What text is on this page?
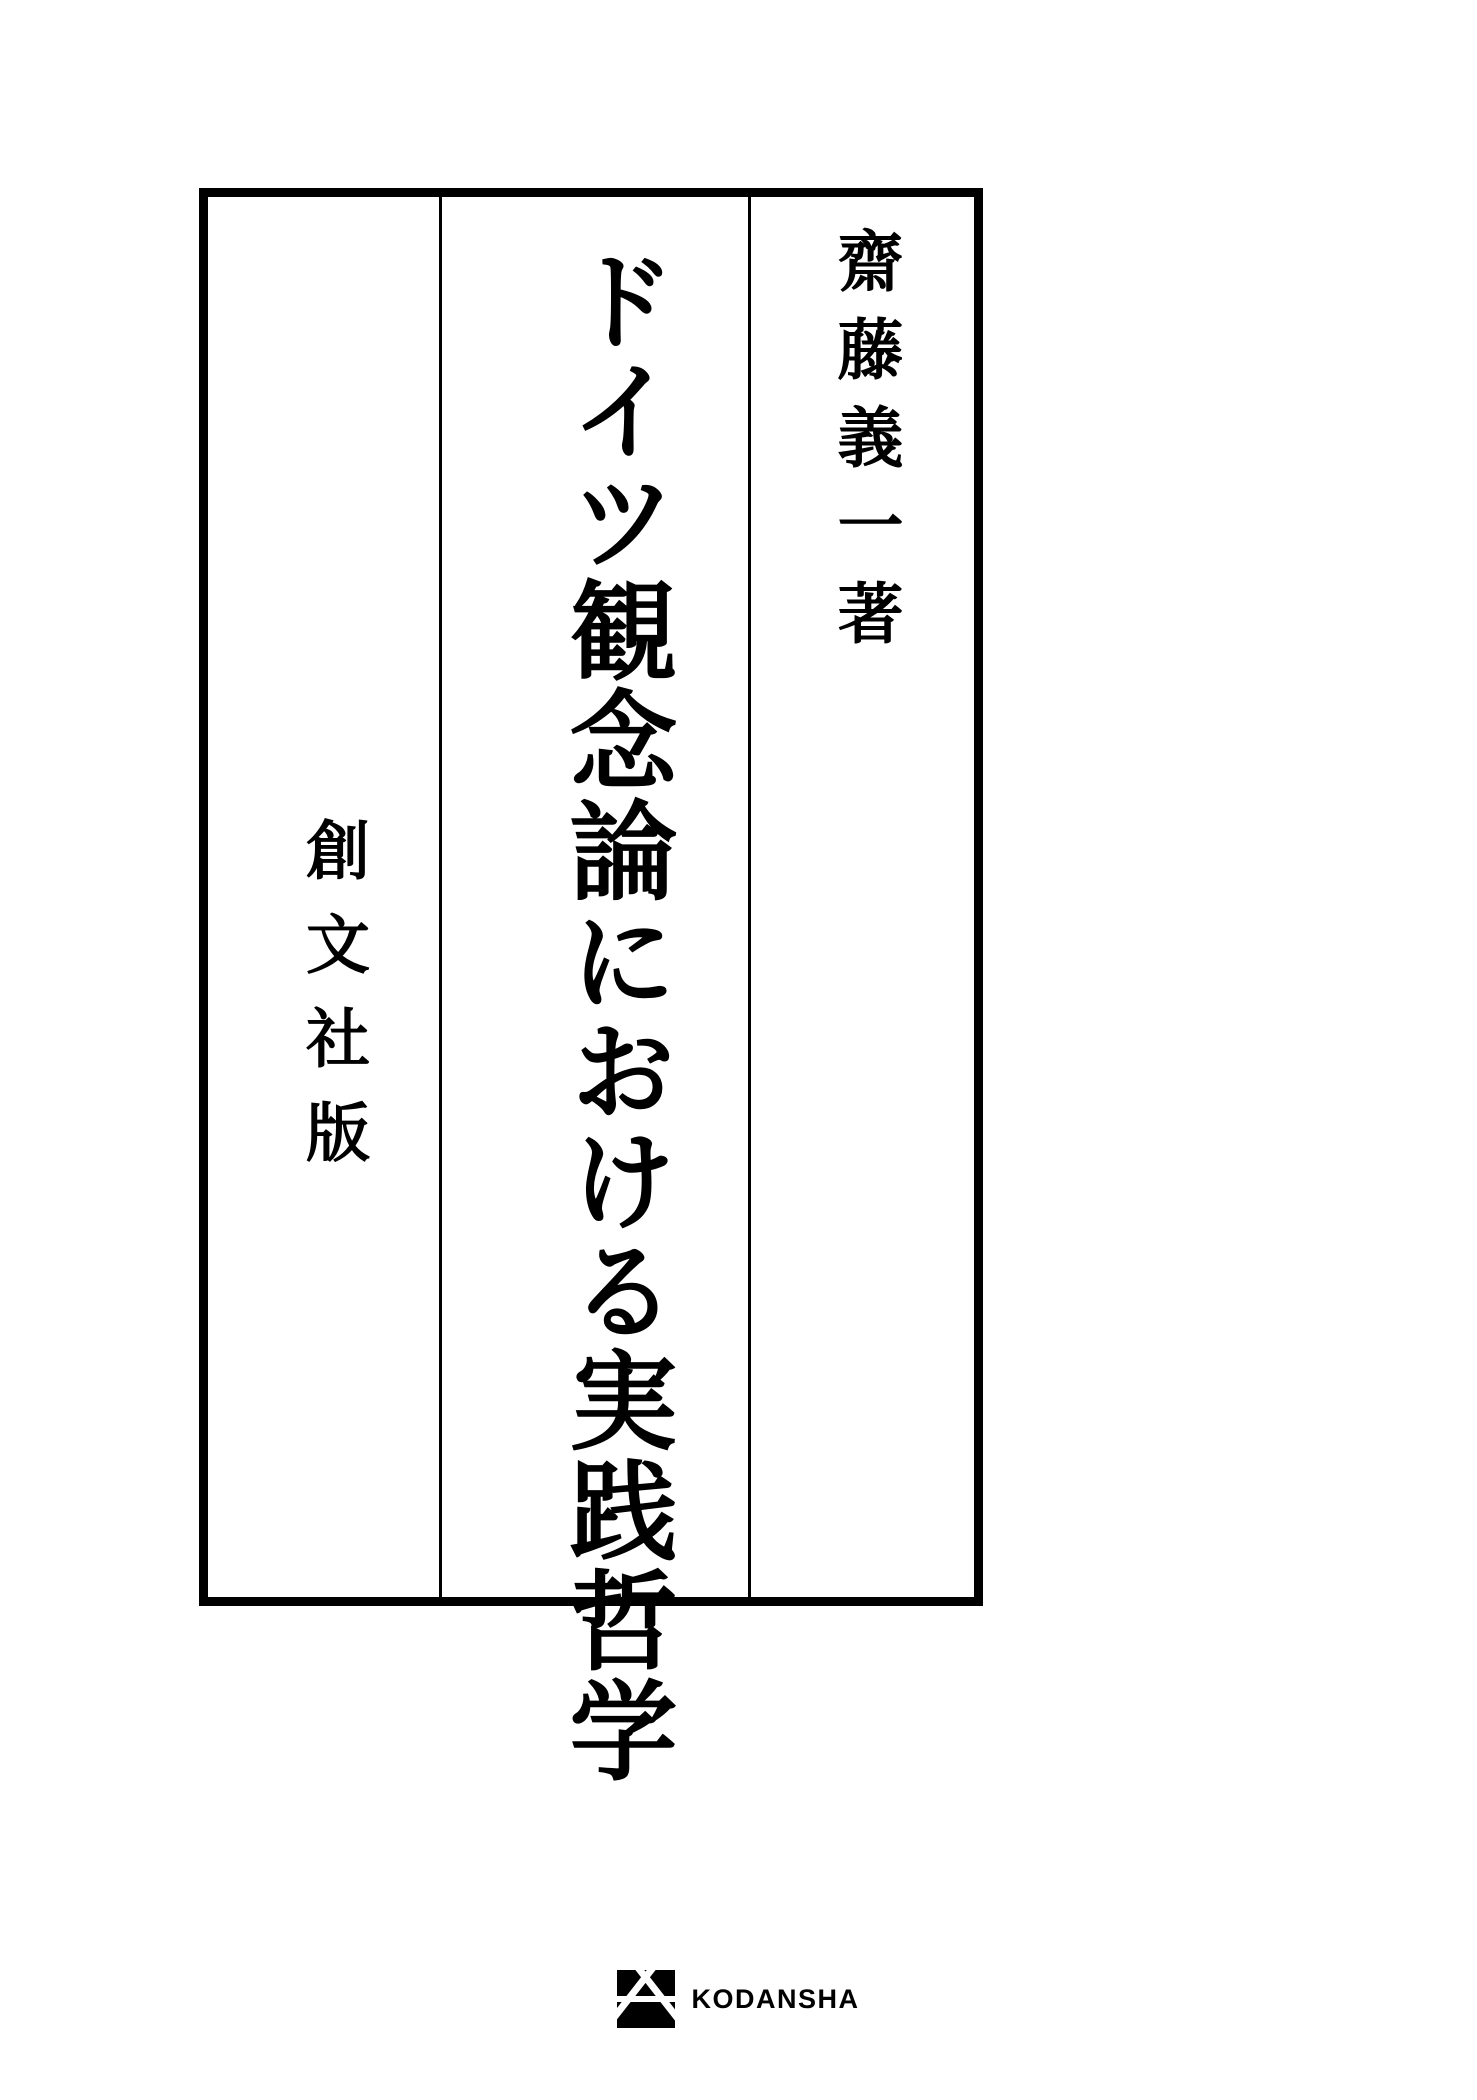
ドイツ観念論における実践哲学 齋藤義一著
創文社版
KODANSHA
